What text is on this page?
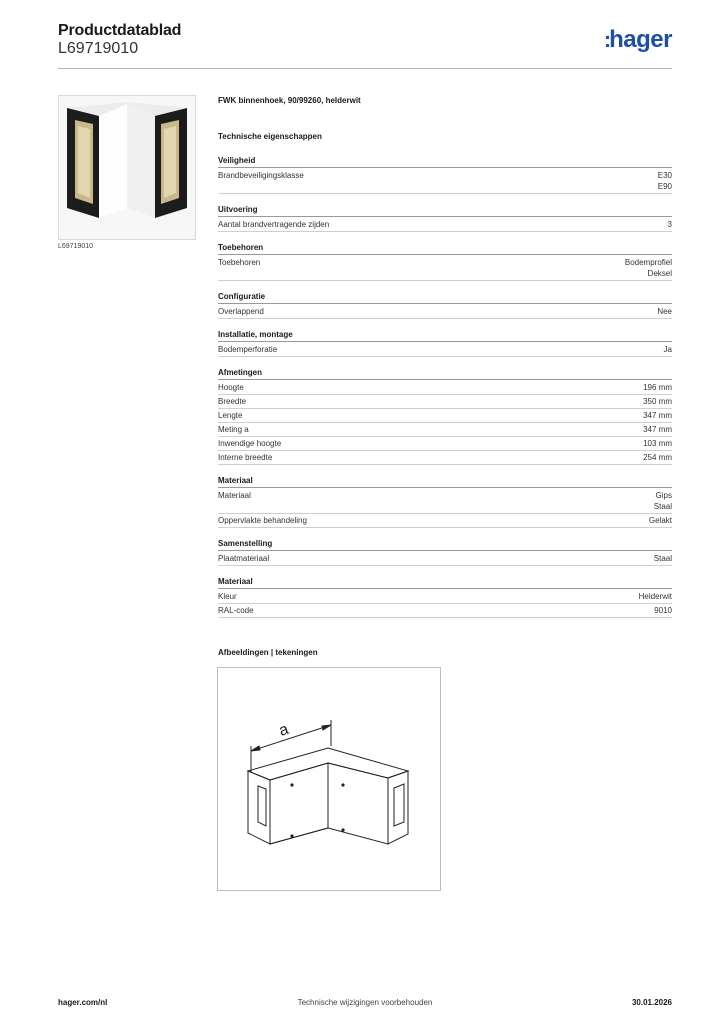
Productdatablad
L69719010	:hager
L69719010
FWK binnenhoek, 90/99260, helderwit
Technische eigenschappen
Veiligheid
Brandbeveiligingsklasse	E30
E90
Uitvoering
Aantal brandvertragende zijden	3
Toebehoren
Toebehoren	Bodemprofiel
Deksel
Configuratie
Overlappend	Nee
Installatie, montage
Bodemperforatie	Ja
Afmetingen
Hoogte	196 mm
Breedte	350 mm
Lengte	347 mm
Meting a	347 mm
Inwendige hoogte	103 mm
Interne breedte	254 mm
Materiaal
Materiaal	Gips
Staal
Oppervlakte behandeling	Gelakt
Samenstelling
Plaatmateriaal	Staal
Materiaal
Kleur	Helderwit
RAL-code	9010
Afbeeldingen | tekeningen
a
hager.com/nl	Technische wijzigingen voorbehouden	30.01.2026
